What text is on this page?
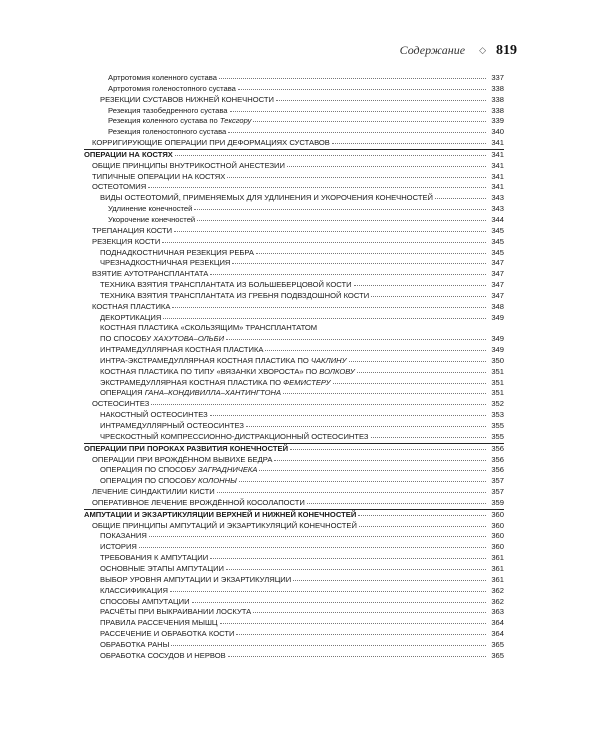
Содержание ◇ 819
Артротомия коленного сустава	337
Артротомия голеностопного сустава	338
РЕЗЕКЦИИ СУСТАВОВ НИЖНЕЙ КОНЕЧНОСТИ	338
Резекция тазобедренного сустава	338
Резекция коленного сустава по Тексгору	339
Резекция голеностопного сустава	340
КОРРИГИРУЮЩИЕ ОПЕРАЦИИ ПРИ ДЕФОРМАЦИЯХ СУСТАВОВ	341
ОПЕРАЦИИ НА КОСТЯХ	341
ОБЩИЕ ПРИНЦИПЫ ВНУТРИКОСТНОЙ АНЕСТЕЗИИ	341
ТИПИЧНЫЕ ОПЕРАЦИИ НА КОСТЯХ	341
ОСТЕОТОМИЯ	341
ВИДЫ ОСТЕОТОМИЙ, ПРИМЕНЯЕМЫХ ДЛЯ УДЛИНЕНИЯ И УКОРОЧЕНИЯ КОНЕЧНОСТЕЙ	343
Удлинение конечностей	343
Укорочение конечностей	344
ТРЕПАНАЦИЯ КОСТИ	345
РЕЗЕКЦИЯ КОСТИ	345
ПОДНАДКОСТНИЧНАЯ РЕЗЕКЦИЯ РЕБРА	345
ЧРЕЗНАДКОСТНИЧНАЯ РЕЗЕКЦИЯ	347
ВЗЯТИЕ АУТОТРАНСПЛАНТАТА	347
ТЕХНИКА ВЗЯТИЯ ТРАНСПЛАНТАТА ИЗ БОЛЬШЕБЕРЦОВОЙ КОСТИ	347
ТЕХНИКА ВЗЯТИЯ ТРАНСПЛАНТАТА ИЗ ГРЕБНЯ ПОДВЗДОШНОЙ КОСТИ	347
КОСТНАЯ ПЛАСТИКА	348
ДЕКОРТИКАЦИЯ	349
КОСТНАЯ ПЛАСТИКА «СКОЛЬЗЯЩИМ» ТРАНСПЛАНТАТОМ
ПО СПОСОБУ ХАХУТОВА–ОЛЬБИ	349
ИНТРАМЕДУЛЛЯРНАЯ КОСТНАЯ ПЛАСТИКА	349
ИНТРА-ЭКСТРАМЕДУЛЛЯРНАЯ КОСТНАЯ ПЛАСТИКА ПО ЧАКЛИНУ	350
КОСТНАЯ ПЛАСТИКА ПО ТИПУ «ВЯЗАНКИ ХВОРОСТА» ПО ВОЛКОВУ	351
ЭКСТРАМЕДУЛЛЯРНАЯ КОСТНАЯ ПЛАСТИКА ПО ФЕМИСТЕРУ	351
ОПЕРАЦИЯ ГАНА–КОНДИВИЛЛА–ХАНТИНГТОНА	351
ОСТЕОСИНТЕЗ	352
НАКОСТНЫЙ ОСТЕОСИНТЕЗ	353
ИНТРАМЕДУЛЛЯРНЫЙ ОСТЕОСИНТЕЗ	355
ЧРЕСКОСТНЫЙ КОМПРЕССИОННО-ДИСТРАКЦИОННЫЙ ОСТЕОСИНТЕЗ	355
ОПЕРАЦИИ ПРИ ПОРОКАХ РАЗВИТИЯ КОНЕЧНОСТЕЙ	356
ОПЕРАЦИИ ПРИ ВРОЖДЁННОМ ВЫВИХЕ БЕДРА	356
ОПЕРАЦИЯ ПО СПОСОБУ ЗАГРАДНИЧЕКА	356
ОПЕРАЦИЯ ПО СПОСОБУ КОЛОННЫ	357
ЛЕЧЕНИЕ СИНДАКТИЛИИ КИСТИ	357
ОПЕРАТИВНОЕ ЛЕЧЕНИЕ ВРОЖДЁННОЙ КОСОЛАПОСТИ	359
АМПУТАЦИИ И ЭКЗАРТИКУЛЯЦИИ ВЕРХНЕЙ И НИЖНЕЙ КОНЕЧНОСТЕЙ	360
ОБЩИЕ ПРИНЦИПЫ АМПУТАЦИЙ И ЭКЗАРТИКУЛЯЦИЙ КОНЕЧНОСТЕЙ	360
ПОКАЗАНИЯ	360
ИСТОРИЯ	360
ТРЕБОВАНИЯ К АМПУТАЦИИ	361
ОСНОВНЫЕ ЭТАПЫ АМПУТАЦИИ	361
ВЫБОР УРОВНЯ АМПУТАЦИИ И ЭКЗАРТИКУЛЯЦИИ	361
КЛАССИФИКАЦИЯ	362
СПОСОБЫ АМПУТАЦИИ	362
РАСЧЁТЫ ПРИ ВЫКРАИВАНИИ ЛОСКУТА	363
ПРАВИЛА РАССЕЧЕНИЯ МЫШЦ	364
РАССЕЧЕНИЕ И ОБРАБОТКА КОСТИ	364
ОБРАБОТКА РАНЫ	365
ОБРАБОТКА СОСУДОВ И НЕРВОВ	365
